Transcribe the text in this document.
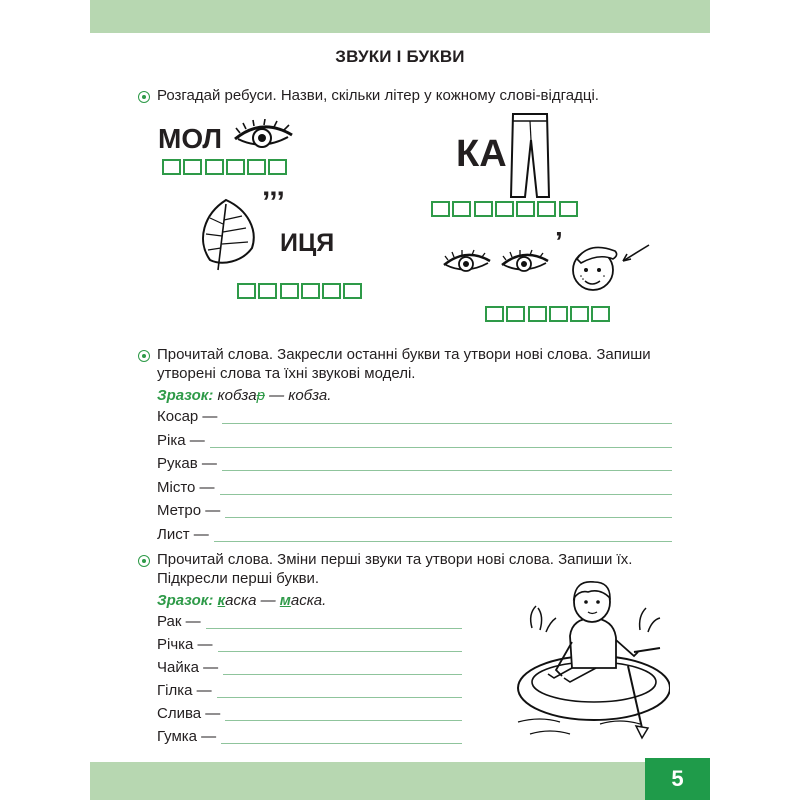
ЗВУКИ І БУКВИ
Розгадай ребуси. Назви, скільки літер у кожному слові-відгадці.
МОЛ	КА
’’’
ИЦЯ	’
Прочитай слова. Закресли останні букви та утвори нові слова. Запиши
утворені слова та їхні звукові моделі.
Зразок: кобзар — кобза.
Косар —
Ріка —
Рукав —
Місто —
Метро —
Лист —
Прочитай слова. Зміни перші звуки та утвори нові слова. Запиши їх.
Підкресли перші букви.
Зразок: каска — маска.
Рак —
Річка —
Чайка —
Гілка —
Слива —
Гумка —
5
